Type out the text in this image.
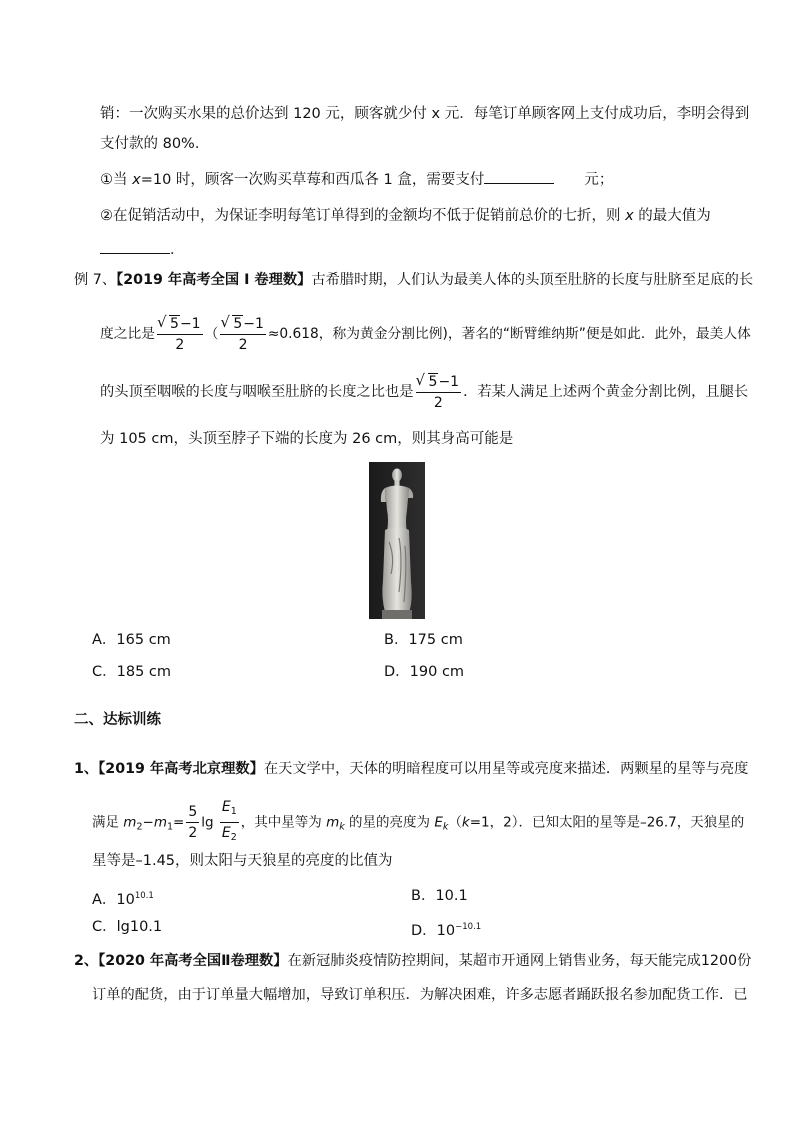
销：一次购买水果的总价达到 120 元，顾客就少付 x 元．每笔订单顾客网上支付成功后，李明会得到
支付款的 80%．
①当 x=10 时，顾客一次购买草莓和西瓜各 1 盒，需要支付	元；
②在促销活动中，为保证李明每笔订单得到的金额均不低于促销前总价的七折，则 x 的最大值为
．
例 7、【2019 年高考全国 I 卷理数】古希腊时期，人们认为最美人体的头顶至肚脐的长度与肚脐至足底的长
度之比是 √ $\frac{5-1}{2}$ （ √ $\frac{5-1}{2} \approx 0.618$，称为黄金分割比例)，著名的“断臂维纳斯”便是如此．此外，最美人体
的头顶至咽喉的长度与咽喉至肚脐的长度之比也是 √ $\frac{5-1}{2}$ ．若某人满足上述两个黄金分割比例，且腿长
为 105 cm，头顶至脖子下端的长度为 26 cm，则其身高可能是
A．165 cm	B．175 cm
C．185 cm	D．190 cm
二、达标训练
1、【2019 年高考北京理数】在天文学中，天体的明暗程度可以用星等或亮度来描述．两颗星的星等与亮度
满足 $m_2-m_1= \frac{5}{2}$ $\lg \frac{E_1}{E_2}$ ，其中星等为 $m_k$ 的星的亮度为 $E_k(k=1$，2）．已知太阳的星等是–26.7，天狼星的
星等是–1.45，则太阳与天狼星的亮度的比值为
A．$10^{10.1}$	B．10.1
C．lg10.1	D．$10^{-10.1}$
2、【2020 年高考全国Ⅱ卷理数】在新冠肺炎疫情防控期间，某超市开通网上销售业务，每天能完成1200份
订单的配货，由于订单量大幅增加，导致订单积压．为解决困难，许多志愿者踊跃报名参加配货工作．已
